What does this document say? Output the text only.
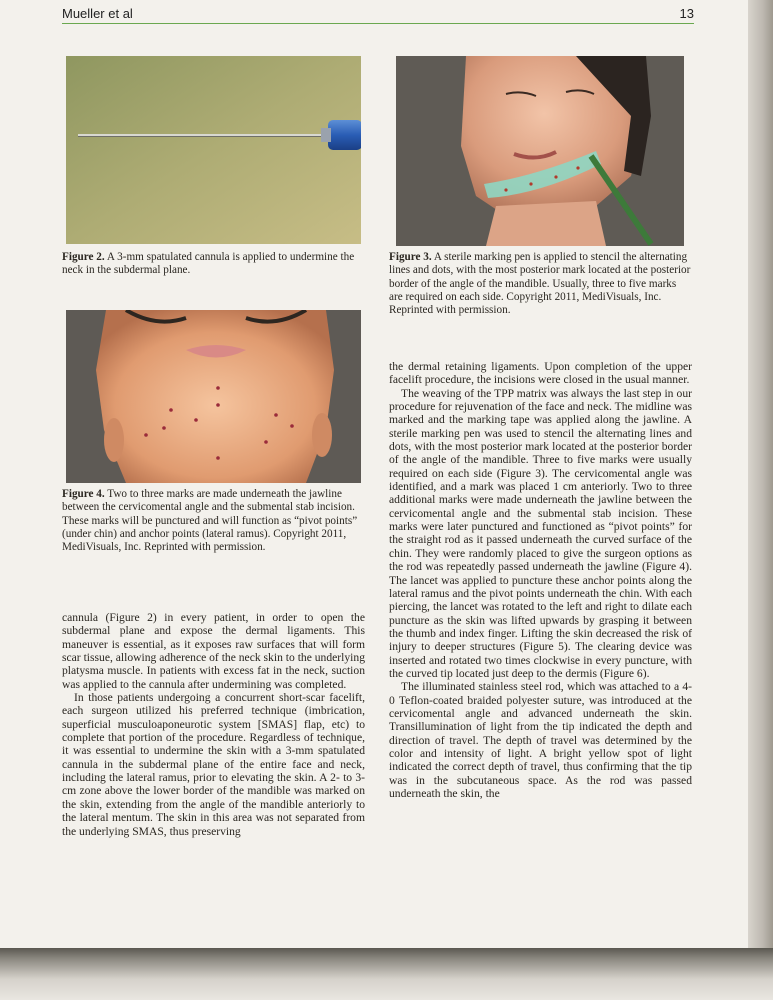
Mueller et al	13
Figure 2. A 3-mm spatulated cannula is applied to undermine the neck in the subdermal plane.
Figure 3. A sterile marking pen is applied to stencil the alternating lines and dots, with the most posterior mark located at the posterior border of the angle of the mandible. Usually, three to five marks are required on each side. Copyright 2011, MediVisuals, Inc. Reprinted with permission.
Figure 4. Two to three marks are made underneath the jawline between the cervicomental angle and the submental stab incision. These marks will be punctured and will function as “pivot points” (under chin) and anchor points (lateral ramus). Copyright 2011, MediVisuals, Inc. Reprinted with permission.

cannula (Figure 2) in every patient, in order to open the subdermal plane and expose the dermal ligaments. This maneuver is essential, as it exposes raw surfaces that will form scar tissue, allowing adherence of the neck skin to the underlying platysma muscle. In patients with excess fat in the neck, suction was applied to the cannula after undermining was completed.

In those patients undergoing a concurrent short-scar facelift, each surgeon utilized his preferred technique (imbrication, superficial musculoaponeurotic system [SMAS] flap, etc) to complete that portion of the procedure. Regardless of technique, it was essential to undermine the skin with a 3-mm spatulated cannula in the subdermal plane of the entire face and neck, including the lateral ramus, prior to elevating the skin. A 2- to 3-cm zone above the lower border of the mandible was marked on the skin, extending from the angle of the mandible anteriorly to the lateral mentum. The skin in this area was not separated from the underlying SMAS, thus preserving

the dermal retaining ligaments. Upon completion of the upper facelift procedure, the incisions were closed in the usual manner.

The weaving of the TPP matrix was always the last step in our procedure for rejuvenation of the face and neck. The midline was marked and the marking tape was applied along the jawline. A sterile marking pen was used to stencil the alternating lines and dots, with the most posterior mark located at the posterior border of the angle of the mandible. Three to five marks were usually required on each side (Figure 3). The cervicomental angle was identified, and a mark was placed 1 cm anteriorly. Two to three additional marks were made underneath the jawline between the cervicomental angle and the submental stab incision. These marks were later punctured and functioned as “pivot points” for the straight rod as it passed underneath the curved surface of the chin. They were randomly placed to give the surgeon options as the rod was repeatedly passed underneath the jawline (Figure 4). The lancet was applied to puncture these anchor points along the lateral ramus and the pivot points underneath the chin. With each piercing, the lancet was rotated to the left and right to dilate each puncture as the skin was lifted upwards by grasping it between the thumb and index finger. Lifting the skin decreased the risk of injury to deeper structures (Figure 5). The clearing device was inserted and rotated two times clockwise in every puncture, with the curved tip located just deep to the dermis (Figure 6).

The illuminated stainless steel rod, which was attached to a 4-0 Teflon-coated braided polyester suture, was introduced at the cervicomental angle and advanced underneath the skin. Transillumination of light from the tip indicated the depth and direction of travel. The depth of travel was determined by the color and intensity of light. A bright yellow spot of light indicated the correct depth of travel, thus confirming that the tip was in the subcutaneous space. As the rod was passed underneath the skin, the
